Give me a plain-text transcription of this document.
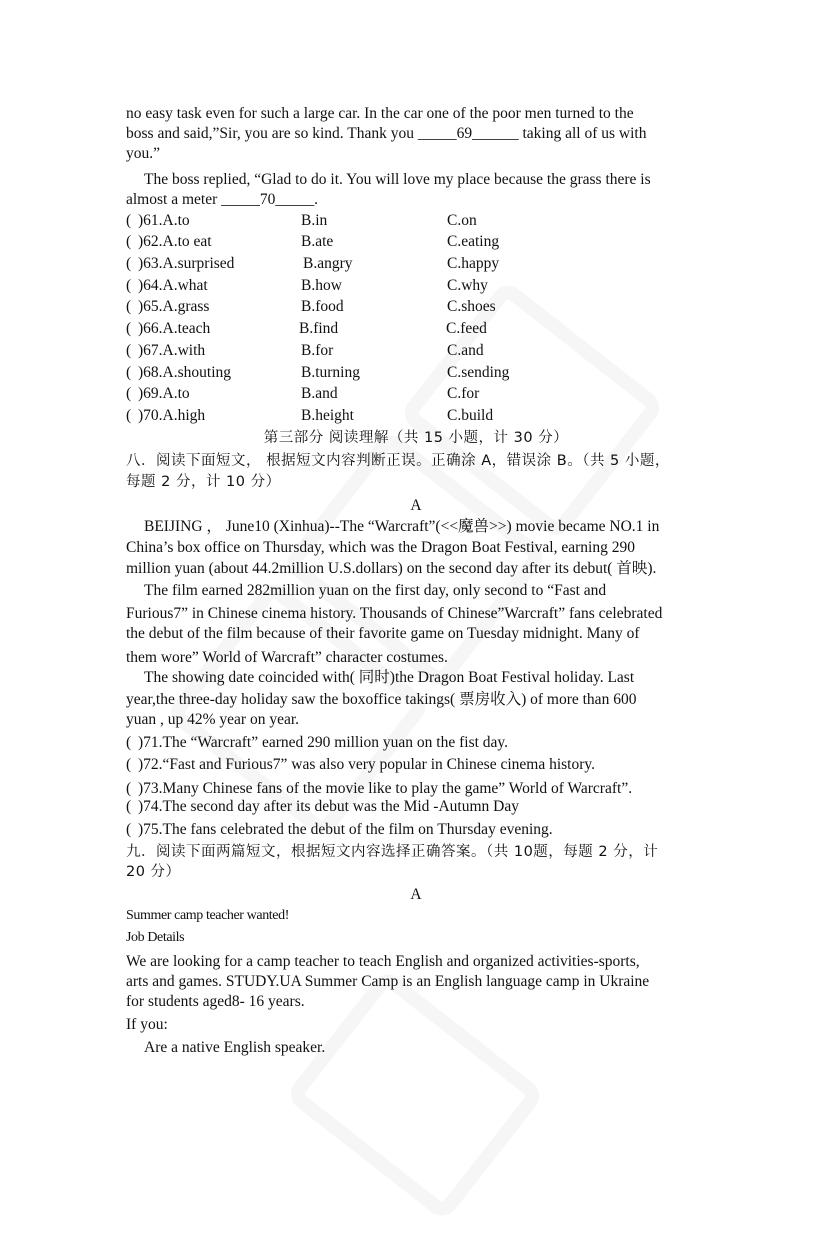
no easy task even for such a large car. In the car one of the poor men turned to the
boss and said,”Sir, you are so kind. Thank you _____69______ taking all of us with
you.”
The boss replied, “Glad to do it. You will love my place because the grass there is
almost a meter _____70_____.
( )61.A.to	B.in	C.on
( )62.A.to eat	B.ate	C.eating
( )63.A.surprised	B.angry	C.happy
( )64.A.what	B.how	C.why
( )65.A.grass	B.food	C.shoes
( )66.A.teach	B.find	C.feed
( )67.A.with	B.for	C.and
( )68.A.shouting	B.turning	C.sending
( )69.A.to	B.and	C.for
( )70.A.high	B.height	C.build
第三部分 阅读理解（共 15 小题，计 30 分）
八．阅读下面短文， 根据短文内容判断正误。正确涂 A，错误涂 B。（共 5 小题，
每题 2 分，计 10 分）
A
BEIJING ， June10 (Xinhua)--The “Warcraft”(<<魔兽>>) movie became NO.1 in
China’s box office on Thursday, which was the Dragon Boat Festival, earning 290
million yuan (about 44.2million U.S.dollars) on the second day after its debut( 首映).
The film earned 282million yuan on the first day, only second to “Fast and
Furious7” in Chinese cinema history. Thousands of Chinese”Warcraft” fans celebrated
the debut of the film because of their favorite game on Tuesday midnight. Many of
them wore” World of Warcraft” character costumes.
The showing date coincided with( 同时)the Dragon Boat Festival holiday. Last
year,the three-day holiday saw the boxoffice takings( 票房收入) of more than 600
yuan , up 42% year on year.
( )71.The “Warcraft” earned 290 million yuan on the fist day.
( )72.“Fast and Furious7” was also very popular in Chinese cinema history.
( )73.Many Chinese fans of the movie like to play the game” World of Warcraft”.
( )74.The second day after its debut was the Mid -Autumn Day
( )75.The fans celebrated the debut of the film on Thursday evening.
九．阅读下面两篇短文，根据短文内容选择正确答案。（共 10题，每题 2 分，计
20 分）
A
Summer camp teacher wanted!
Job Details
We are looking for a camp teacher to teach English and organized activities-sports,
arts and games. STUDY.UA Summer Camp is an English language camp in Ukraine
for students aged8- 16 years.
If you:
Are a native English speaker.
